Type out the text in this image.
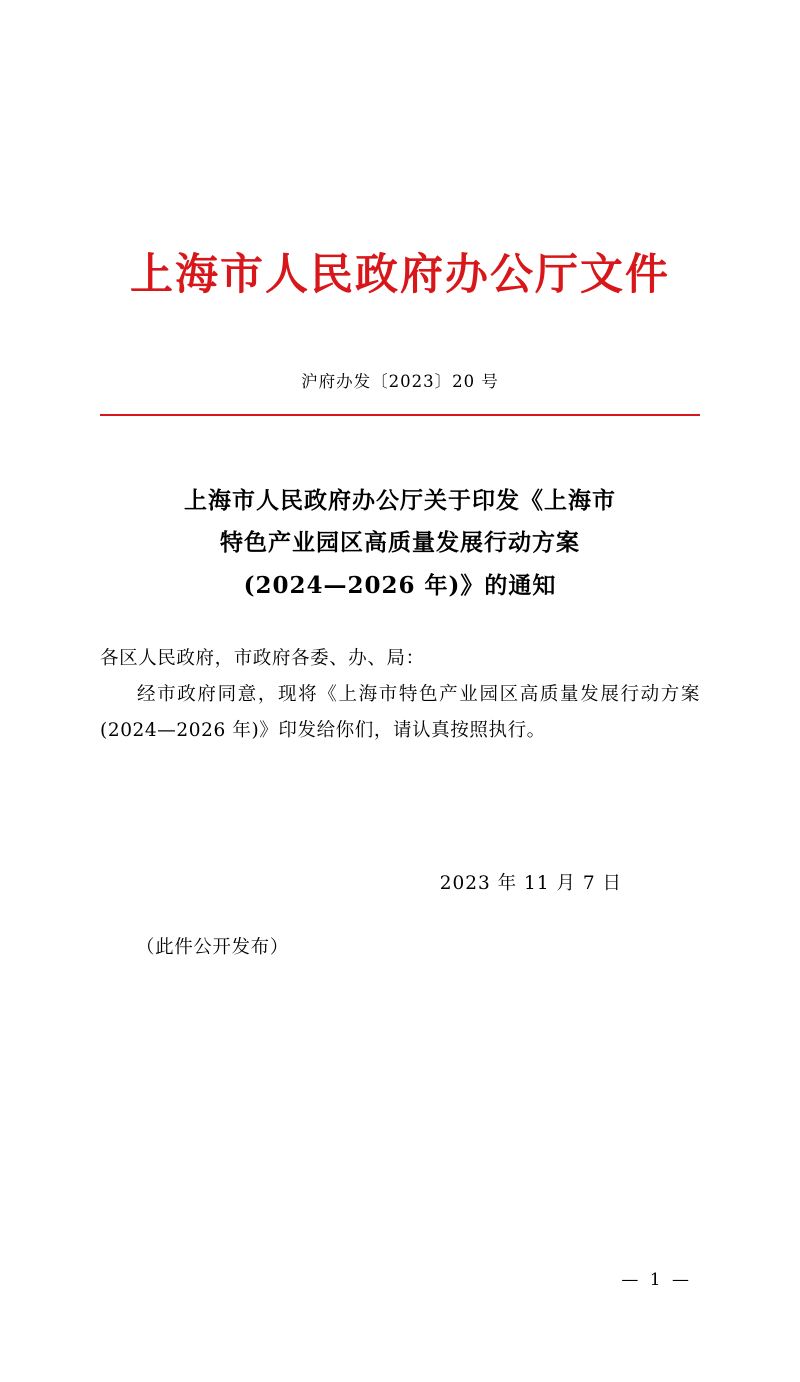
上海市人民政府办公厅文件
沪府办发〔2023〕20 号
上海市人民政府办公厅关于印发《上海市
特色产业园区高质量发展行动方案
(2024—2026 年)》的通知

各区人民政府，市政府各委、办、局：

经市政府同意，现将《上海市特色产业园区高质量发展行动方案(2024—2026 年)》印发给你们，请认真按照执行。

2023 年 11 月 7 日
（此件公开发布）
— 1 —
